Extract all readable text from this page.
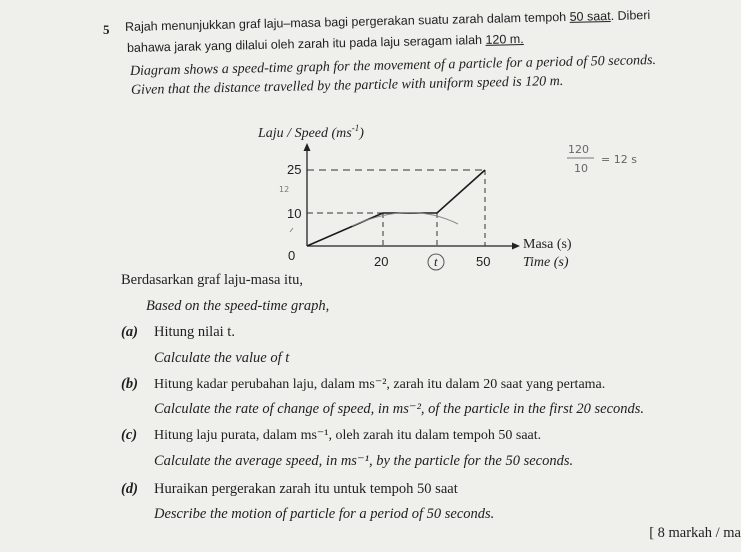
5 Rajah menunjukkan graf laju–masa bagi pergerakan suatu zarah dalam tempoh 50 saat. Diberi
bahawa jarak yang dilalui oleh zarah itu pada laju seragam ialah 120 m.
Diagram shows a speed-time graph for the movement of a particle for a period of 50 seconds.
Given that the distance travelled by the particle with uniform speed is 120 m.
Laju / Speed $(ms^{-1})$
25
10
0	20	t	50
Masa (s)
Time (s)
12
120
10
= 12 s
Berdasarkan graf laju-masa itu,
Based on the speed-time graph,
(a) Hitung nilai t.
Calculate the value of t
(b) Hitung kadar perubahan laju, dalam ms⁻², zarah itu dalam 20 saat yang pertama.
Calculate the rate of change of speed, in ms⁻², of the particle in the first 20 seconds.
(c) Hitung laju purata, dalam ms⁻¹, oleh zarah itu dalam tempoh 50 saat.
Calculate the average speed, in ms⁻¹, by the particle for the 50 seconds.
(d) Huraikan pergerakan zarah itu untuk tempoh 50 saat
Describe the motion of particle for a period of 50 seconds.
[ 8 markah / ma
